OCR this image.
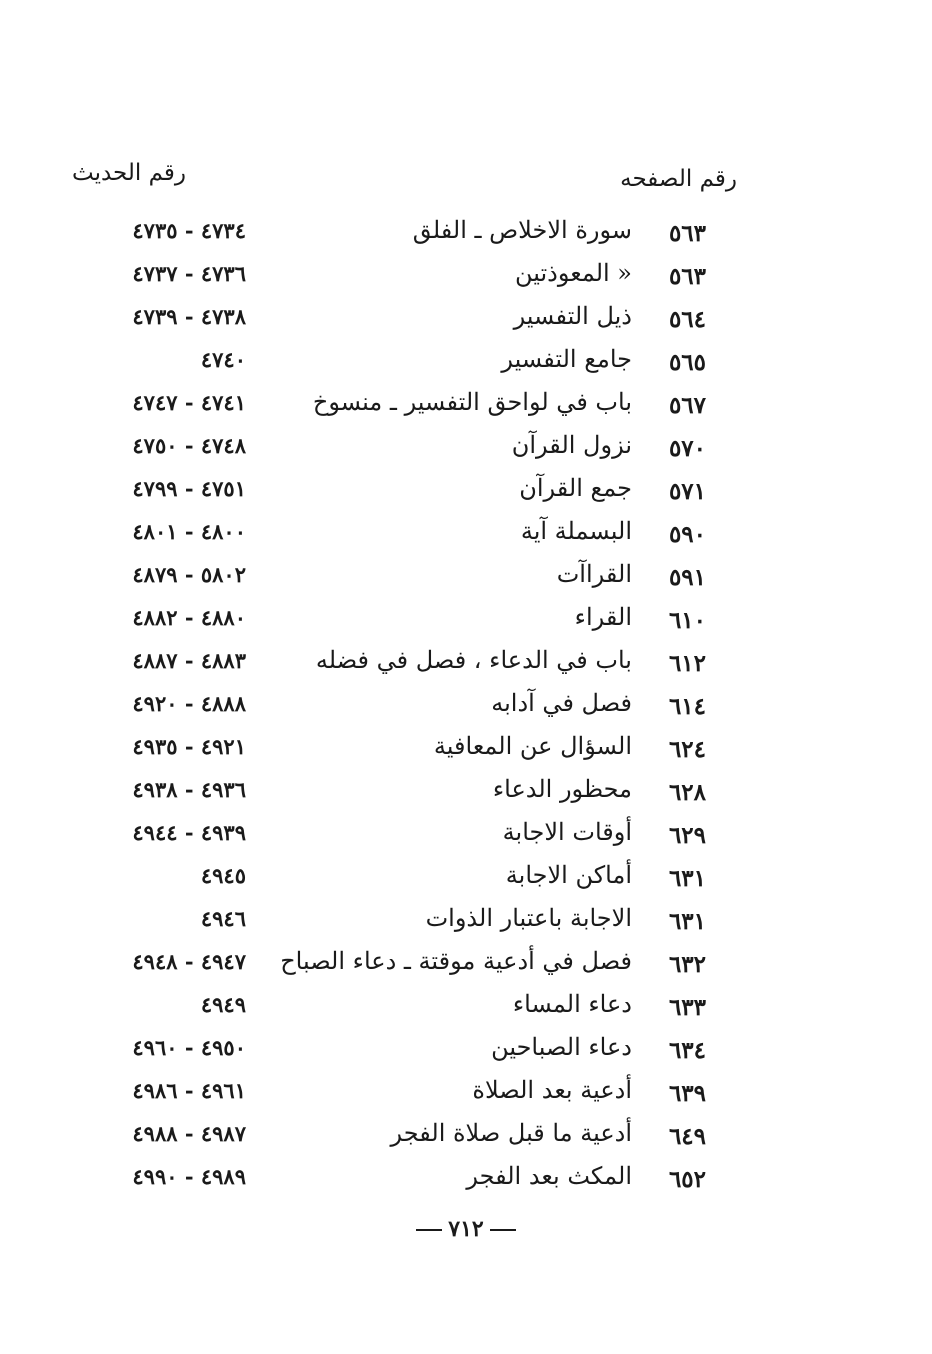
رقم الصفحه
رقم الحديث
٥٦٣
سورة الاخلاص ـ الفلق
٤٧٣٤ - ٤٧٣٥
٥٦٣
« المعوذتين
٤٧٣٦ - ٤٧٣٧
٥٦٤
ذيل التفسير
٤٧٣٨ - ٤٧٣٩
٥٦٥
جامع التفسير
٤٧٤٠
٥٦٧
باب في لواحق التفسير ـ منسوخ
٤٧٤١ - ٤٧٤٧
٥٧٠
نزول القرآن
٤٧٤٨ - ٤٧٥٠
٥٧١
جمع القرآن
٤٧٥١ - ٤٧٩٩
٥٩٠
البسملة آية
٤٨٠٠ - ٤٨٠١
٥٩١
القراآت
٥٨٠٢ - ٤٨٧٩
٦١٠
القراء
٤٨٨٠ - ٤٨٨٢
٦١٢
باب في الدعاء ، فصل في فضله
٤٨٨٣ - ٤٨٨٧
٦١٤
فصل في آدابه
٤٨٨٨ - ٤٩٢٠
٦٢٤
السؤال عن المعافية
٤٩٢١ - ٤٩٣٥
٦٢٨
محظور الدعاء
٤٩٣٦ - ٤٩٣٨
٦٢٩
أوقات الاجابة
٤٩٣٩ - ٤٩٤٤
٦٣١
أماكن الاجابة
٤٩٤٥
٦٣١
الاجابة باعتبار الذوات
٤٩٤٦
٦٣٢
فصل في أدعية موقتة ـ دعاء الصباح
٤٩٤٧ - ٤٩٤٨
٦٣٣
دعاء المساء
٤٩٤٩
٦٣٤
دعاء الصباحين
٤٩٥٠ - ٤٩٦٠
٦٣٩
أدعية بعد الصلاة
٤٩٦١ - ٤٩٨٦
٦٤٩
أدعية ما قبل صلاة الفجر
٤٩٨٧ - ٤٩٨٨
٦٥٢
المكث بعد الفجر
٤٩٨٩ - ٤٩٩٠
٧١٢
